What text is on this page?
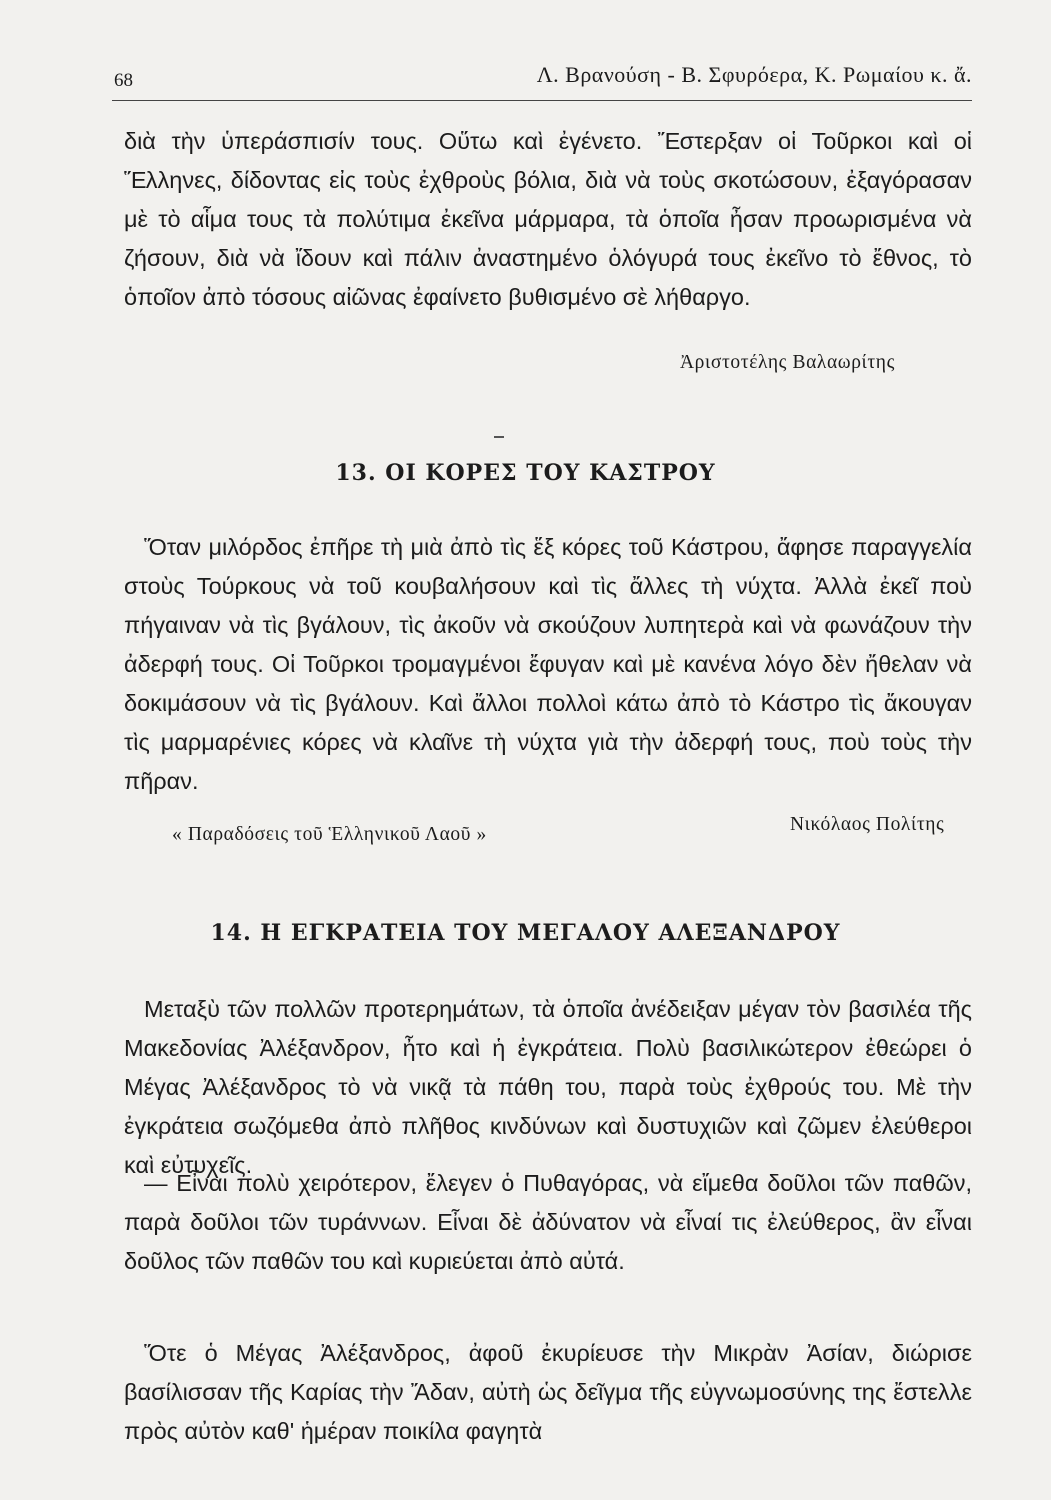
68	Λ. Βρανούση - Β. Σφυρόερα, Κ. Ρωμαίου κ. ἄ.

διὰ τὴν ὑπεράσπισίν τους. Οὕτω καὶ ἐγένετο. Ἔστερξαν οἱ Τοῦρκοι καὶ οἱ Ἕλληνες, δίδοντας εἰς τοὺς ἐχθροὺς βόλια, διὰ νὰ τοὺς σκοτώσουν, ἐξαγόρασαν μὲ τὸ αἷμα τους τὰ πολύτιμα ἐκεῖνα μάρμαρα, τὰ ὁποῖα ἦσαν προωρισμένα νὰ ζήσουν, διὰ νὰ ἴδουν καὶ πάλιν ἀναστημένο ὁλόγυρά τους ἐκεῖνο τὸ ἔθνος, τὸ ὁποῖον ἀπὸ τόσους αἰῶνας ἐφαίνετο βυθισμένο σὲ λήθαργο.

Ἀριστοτέλης Βαλαωρίτης
13. ΟΙ ΚΟΡΕΣ ΤΟΥ ΚΑΣΤΡΟΥ

Ὅταν μιλόρδος ἐπῆρε τὴ μιὰ ἀπὸ τὶς ἕξ κόρες τοῦ Κάστρου, ἄφησε παραγγελία στοὺς Τούρκους νὰ τοῦ κουβαλήσουν καὶ τὶς ἄλλες τὴ νύχτα. Ἀλλὰ ἐκεῖ ποὺ πήγαιναν νὰ τὶς βγάλουν, τὶς ἀκοῦν νὰ σκούζουν λυπητερὰ καὶ νὰ φωνάζουν τὴν ἀδερφή τους. Οἱ Τοῦρκοι τρομαγμένοι ἔφυγαν καὶ μὲ κανένα λόγο δὲν ἤθελαν νὰ δοκιμάσουν νὰ τὶς βγάλουν. Καὶ ἄλλοι πολλοὶ κάτω ἀπὸ τὸ Κάστρο τὶς ἄκουγαν τὶς μαρμαρένιες κόρες νὰ κλαῖνε τὴ νύχτα γιὰ τὴν ἀδερφή τους, ποὺ τοὺς τὴν πῆραν.

« Παραδόσεις τοῦ Ἑλληνικοῦ Λαοῦ »	Νικόλαος Πολίτης
14. Η ΕΓΚΡΑΤΕΙΑ ΤΟΥ ΜΕΓΑΛΟΥ ΑΛΕΞΑΝΔΡΟΥ

Μεταξὺ τῶν πολλῶν προτερημάτων, τὰ ὁποῖα ἀνέδειξαν μέγαν τὸν βασιλέα τῆς Μακεδονίας Ἀλέξανδρον, ἦτο καὶ ἡ ἐγκράτεια. Πολὺ βασιλικώτερον ἐθεώρει ὁ Μέγας Ἀλέξανδρος τὸ νὰ νικᾷ τὰ πάθη του, παρὰ τοὺς ἐχθρούς του. Μὲ τὴν ἐγκράτεια σωζόμεθα ἀπὸ πλῆθος κινδύνων καὶ δυστυχιῶν καὶ ζῶμεν ἐλεύθεροι καὶ εὐτυχεῖς.

— Εἶναι πολὺ χειρότερον, ἔλεγεν ὁ Πυθαγόρας, νὰ εἴμεθα δοῦλοι τῶν παθῶν, παρὰ δοῦλοι τῶν τυράννων. Εἶναι δὲ ἀδύνατον νὰ εἶναί τις ἐλεύθερος, ἂν εἶναι δοῦλος τῶν παθῶν του καὶ κυριεύεται ἀπὸ αὐτά.

Ὅτε ὁ Μέγας Ἀλέξανδρος, ἀφοῦ ἐκυρίευσε τὴν Μικρὰν Ἀσίαν, διώρισε βασίλισσαν τῆς Καρίας τὴν Ἄδαν, αὐτὴ ὡς δεῖγμα τῆς εὐγνωμοσύνης της ἔστελλε πρὸς αὐτὸν καθ' ἡμέραν ποικίλα φαγητὰ
